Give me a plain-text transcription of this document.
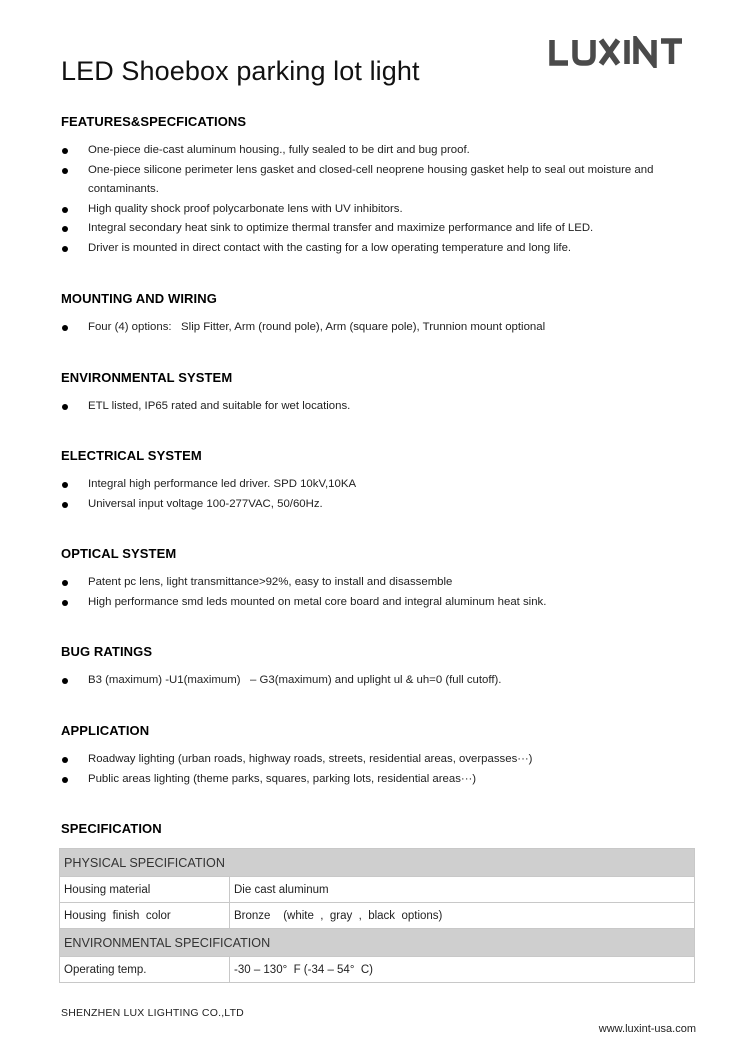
LED Shoebox parking lot light
FEATURES&SPECFICATIONS
One-piece die-cast aluminum housing., fully sealed to be dirt and bug proof.
One-piece silicone perimeter lens gasket and closed-cell neoprene housing gasket help to seal out moisture and contaminants.
High quality shock proof polycarbonate lens with UV inhibitors.
Integral secondary heat sink to optimize thermal transfer and maximize performance and life of LED.
Driver is mounted in direct contact with the casting for a low operating temperature and long life.
MOUNTING AND WIRING
Four (4) options:   Slip Fitter, Arm (round pole), Arm (square pole), Trunnion mount optional
ENVIRONMENTAL SYSTEM
ETL listed, IP65 rated and suitable for wet locations.
ELECTRICAL SYSTEM
Integral high performance led driver. SPD 10kV,10KA
Universal input voltage 100-277VAC, 50/60Hz.
OPTICAL SYSTEM
Patent pc lens, light transmittance>92%, easy to install and disassemble
High performance smd leds mounted on metal core board and integral aluminum heat sink.
BUG RATINGS
B3 (maximum) -U1(maximum)   – G3(maximum) and uplight ul & uh=0 (full cutoff).
APPLICATION
Roadway lighting (urban roads, highway roads, streets, residential areas, overpasses···)
Public areas lighting (theme parks, squares, parking lots, residential areas···)
SPECIFICATION
PHYSICAL SPECIFICATION	
Housing material	Die cast aluminum
Housing  finish  color	Bronze    (white  ,  gray  ,  black  options)
ENVIRONMENTAL SPECIFICATION	
Operating temp.	-30 – 130°  F (-34 – 54°  C)
SHENZHEN LUX LIGHTING CO.,LTD
www.luxint-usa.com
